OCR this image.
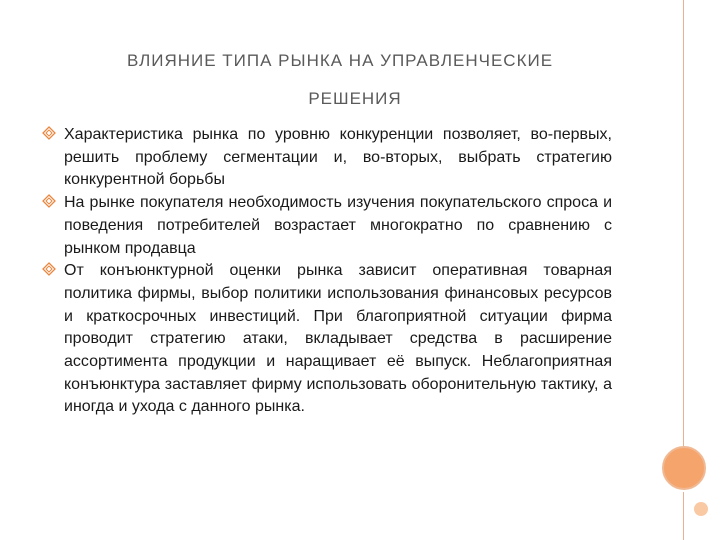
ВЛИЯНИЕ ТИПА РЫНКА НА УПРАВЛЕНЧЕСКИЕ
РЕШЕНИЯ
Характеристика рынка по уровню конкуренции позволяет, во-первых, решить проблему сегментации и, во-вторых, выбрать стратегию конкурентной борьбы
На рынке покупателя необходимость изучения покупательского спроса и поведения потребителей возрастает многократно по сравнению с рынком продавца
От конъюнктурной оценки рынка зависит оперативная товарная политика фирмы, выбор политики использования финансовых ресурсов и краткосрочных инвестиций. При благоприятной ситуации фирма проводит стратегию атаки, вкладывает средства в расширение ассортимента продукции и наращивает её выпуск. Неблагоприятная конъюнктура заставляет фирму использовать оборонительную тактику, а иногда и ухода с данного рынка.
